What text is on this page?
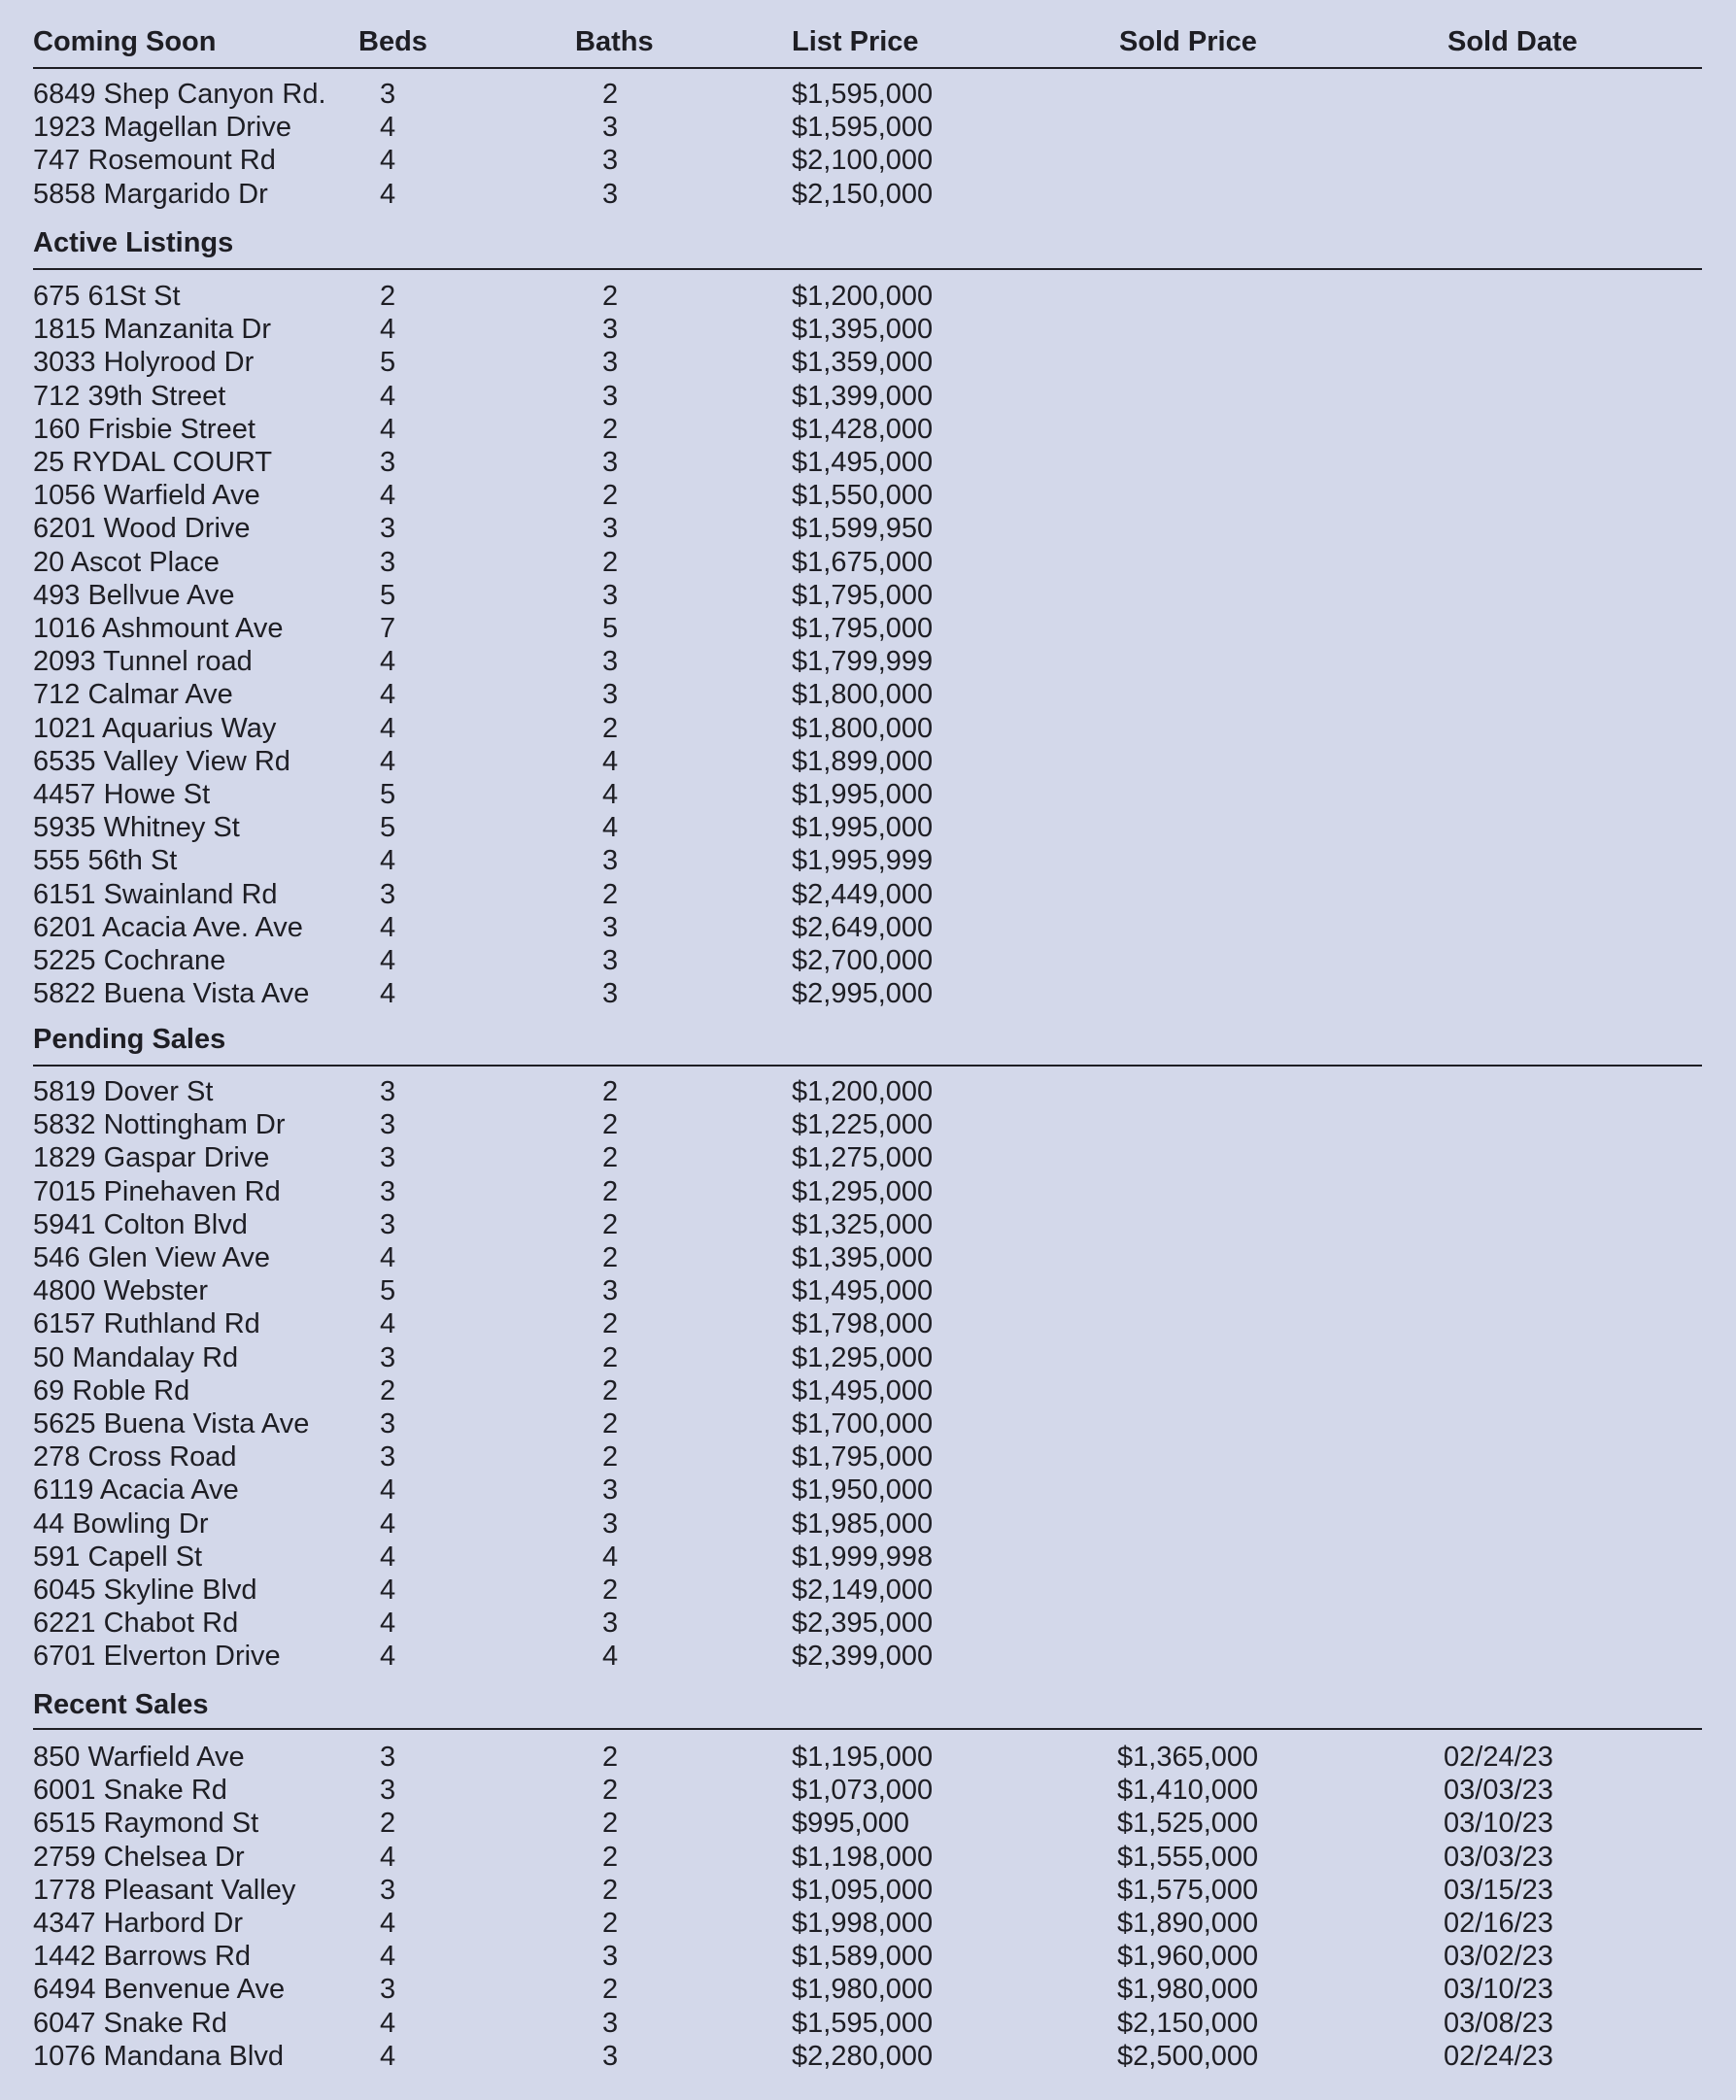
Coming Soon	Beds	Baths	List Price	Sold Price	Sold Date
6849 Shep Canyon Rd. 3	2	$1,595,000
1923 Magellan Drive	4	3	$1,595,000
747 Rosemount Rd	4	3	$2,100,000
5858 Margarido Dr	4	3	$2,150,000
Active Listings
675 61St St	2	2	$1,200,000
1815 Manzanita Dr	4	3	$1,395,000
3033 Holyrood Dr	5	3	$1,359,000
712 39th Street	4	3	$1,399,000
160 Frisbie Street	4	2	$1,428,000
25 RYDAL COURT	3	3	$1,495,000
1056 Warfield Ave	4	2	$1,550,000
6201 Wood Drive	3	3	$1,599,950
20 Ascot Place	3	2	$1,675,000
493 Bellvue Ave	5	3	$1,795,000
1016 Ashmount Ave	7	5	$1,795,000
2093 Tunnel road	4	3	$1,799,999
712 Calmar Ave	4	3	$1,800,000
1021 Aquarius Way	4	2	$1,800,000
6535 Valley View Rd	4	4	$1,899,000
4457 Howe St	5	4	$1,995,000
5935 Whitney St	5	4	$1,995,000
555 56th St	4	3	$1,995,999
6151 Swainland Rd	3	2	$2,449,000
6201 Acacia Ave. Ave	4	3	$2,649,000
5225 Cochrane	4	3	$2,700,000
5822 Buena Vista Ave	4	3	$2,995,000
Pending Sales
5819 Dover St	3	2	$1,200,000
5832 Nottingham Dr	3	2	$1,225,000
1829 Gaspar Drive	3	2	$1,275,000
7015 Pinehaven Rd	3	2	$1,295,000
5941 Colton Blvd	3	2	$1,325,000
546 Glen View Ave	4	2	$1,395,000
4800 Webster	5	3	$1,495,000
6157 Ruthland Rd	4	2	$1,798,000
50 Mandalay Rd	3	2	$1,295,000
69 Roble Rd	2	2	$1,495,000
5625 Buena Vista Ave	3	2	$1,700,000
278 Cross Road	3	2	$1,795,000
6119 Acacia Ave	4	3	$1,950,000
44 Bowling Dr	4	3	$1,985,000
591 Capell St	4	4	$1,999,998
6045 Skyline Blvd	4	2	$2,149,000
6221 Chabot Rd	4	3	$2,395,000
6701 Elverton Drive	4	4	$2,399,000
Recent Sales
850 Warfield Ave	3	2	$1,195,000	$1,365,000	02/24/23
6001 Snake Rd	3	2	$1,073,000	$1,410,000	03/03/23
6515 Raymond St	2	2	$995,000	$1,525,000	03/10/23
2759 Chelsea Dr	4	2	$1,198,000	$1,555,000	03/03/23
1778 Pleasant Valley	3	2	$1,095,000	$1,575,000	03/15/23
4347 Harbord Dr	4	2	$1,998,000	$1,890,000	02/16/23
1442 Barrows Rd	4	3	$1,589,000	$1,960,000	03/02/23
6494 Benvenue Ave	3	2	$1,980,000	$1,980,000	03/10/23
6047 Snake Rd	4	3	$1,595,000	$2,150,000	03/08/23
1076 Mandana Blvd	4	3	$2,280,000	$2,500,000	02/24/23
